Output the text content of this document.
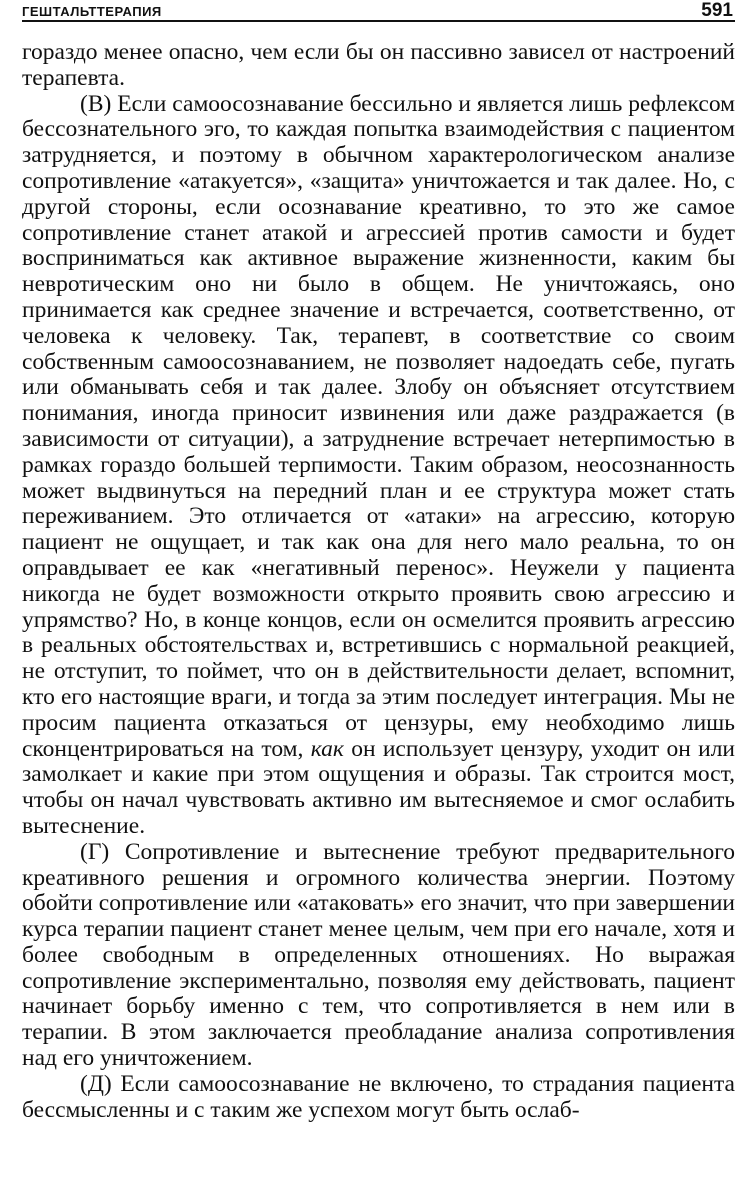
ГЕШТАЛЬТТЕРАПИЯ	591

гораздо менее опасно, чем если бы он пассивно зависел от настроений терапевта.

(В) Если самоосознавание бессильно и является лишь рефлексом бессознательного эго, то каждая попытка взаимодействия с пациентом затрудняется, и поэтому в обычном характерологическом анализе сопротивление «атакуется», «защита» уничтожается и так далее. Но, с другой стороны, если осознавание креативно, то это же самое сопротивление станет атакой и агрессией против самости и будет восприниматься как активное выражение жизненности, каким бы невротическим оно ни было в общем. Не уничтожаясь, оно принимается как среднее значение и встречается, соответственно, от человека к человеку. Так, терапевт, в соответствие со своим собственным самоосознаванием, не позволяет надоедать себе, пугать или обманывать себя и так далее. Злобу он объясняет отсутствием понимания, иногда приносит извинения или даже раздражается (в зависимости от ситуации), а затруднение встречает нетерпимостью в рамках гораздо большей терпимости. Таким образом, неосознанность может выдвинуться на передний план и ее структура может стать переживанием. Это отличается от «атаки» на агрессию, которую пациент не ощущает, и так как она для него мало реальна, то он оправдывает ее как «негативный перенос». Неужели у пациента никогда не будет возможности открыто проявить свою агрессию и упрямство? Но, в конце концов, если он осмелится проявить агрессию в реальных обстоятельствах и, встретившись с нормальной реакцией, не отступит, то поймет, что он в действительности делает, вспомнит, кто его настоящие враги, и тогда за этим последует интеграция. Мы не просим пациента отказаться от цензуры, ему необходимо лишь сконцентрироваться на том, как он использует цензуру, уходит он или замолкает и какие при этом ощущения и образы. Так строится мост, чтобы он начал чувствовать активно им вытесняемое и смог ослабить вытеснение.

(Г) Сопротивление и вытеснение требуют предварительного креативного решения и огромного количества энергии. Поэтому обойти сопротивление или «атаковать» его значит, что при завершении курса терапии пациент станет менее целым, чем при его начале, хотя и более свободным в определенных отношениях. Но выражая сопротивление экспериментально, позволяя ему действовать, пациент начинает борьбу именно с тем, что сопротивляется в нем или в терапии. В этом заключается преобладание анализа сопротивления над его уничтожением.

(Д) Если самоосознавание не включено, то страдания пациента бессмысленны и с таким же успехом могут быть ослаб-
